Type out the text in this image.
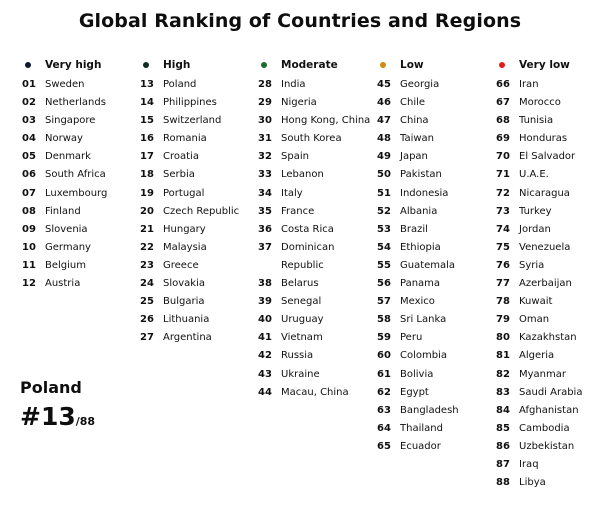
Global Ranking of Countries and Regions
Very high
01 Sweden
02 Netherlands
03 Singapore
04 Norway
05 Denmark
06 South Africa
07 Luxembourg
08 Finland
09 Slovenia
10 Germany
11 Belgium
12 Austria
High
13 Poland
14 Philippines
15 Switzerland
16 Romania
17 Croatia
18 Serbia
19 Portugal
20 Czech Republic
21 Hungary
22 Malaysia
23 Greece
24 Slovakia
25 Bulgaria
26 Lithuania
27 Argentina
Moderate
28 India
29 Nigeria
30 Hong Kong, China
31 South Korea
32 Spain
33 Lebanon
34 Italy
35 France
36 Costa Rica
37 Dominican Republic
38 Belarus
39 Senegal
40 Uruguay
41 Vietnam
42 Russia
43 Ukraine
44 Macau, China
Low
45 Georgia
46 Chile
47 China
48 Taiwan
49 Japan
50 Pakistan
51 Indonesia
52 Albania
53 Brazil
54 Ethiopia
55 Guatemala
56 Panama
57 Mexico
58 Sri Lanka
59 Peru
60 Colombia
61 Bolivia
62 Egypt
63 Bangladesh
64 Thailand
65 Ecuador
Very low
66 Iran
67 Morocco
68 Tunisia
69 Honduras
70 El Salvador
71 U.A.E.
72 Nicaragua
73 Turkey
74 Jordan
75 Venezuela
76 Syria
77 Azerbaijan
78 Kuwait
79 Oman
80 Kazakhstan
81 Algeria
82 Myanmar
83 Saudi Arabia
84 Afghanistan
85 Cambodia
86 Uzbekistan
87 Iraq
88 Libya
Poland
#13/88
